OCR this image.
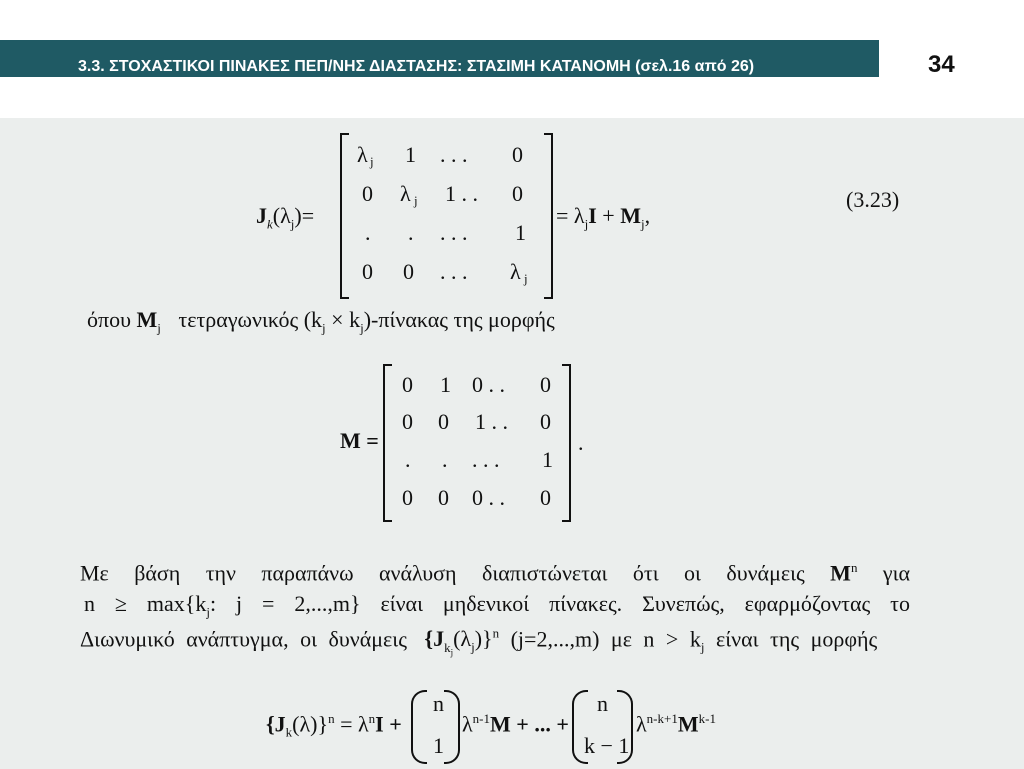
3.3. ΣΤΟΧΑΣΤΙΚΟΙ ΠΙΝΑΚΕΣ ΠΕΠ/ΝΗΣ ΔΙΑΣΤΑΣΗΣ: ΣΤΑΣΙΜΗ ΚΑΤΑΝΟΜΗ (σελ.16 από 26)	34
$J_k(\lambda_j)=$
λ j 1 . . . 0
0 λ j 1 . . 0
. . . . . 1
0 0 . . . λ j
= $\lambda_jI + M_j$,
(3.23)
όπου $M_j$ τετραγωνικός $(k_j \times k_j)-\pi ί\nu\alpha\kappa\alpha\varsigma$ της μορφής
M =
0 1 0 . . 0
0 0 1 . . 0
. . . . . 1
0 0 0 . . 0
.
Με βάση την παραπάνω ανάλυση διαπιστώνεται ότι οι δυνάμεις $M^n$ για
$n \ge \max\{k_j$: j = 2,...,m} είναι μηδενικοί πίνακες. Συνεπώς, εφαρμόζοντας το
Διωνυμικό ανάπτυγμα, οι δυνάμεις $\{J_{k_j}(\lambda_j)\}^n$ (j=2,...,m) με $n > k_j$ είναι της μορφής
$\{J_k(\lambda)\}^n = \lambda^nI$ +
n
1
$\lambda^{n-1}M$ + ... +
n
k − 1
$\lambda^{n-k+1}M^{k-1}$
